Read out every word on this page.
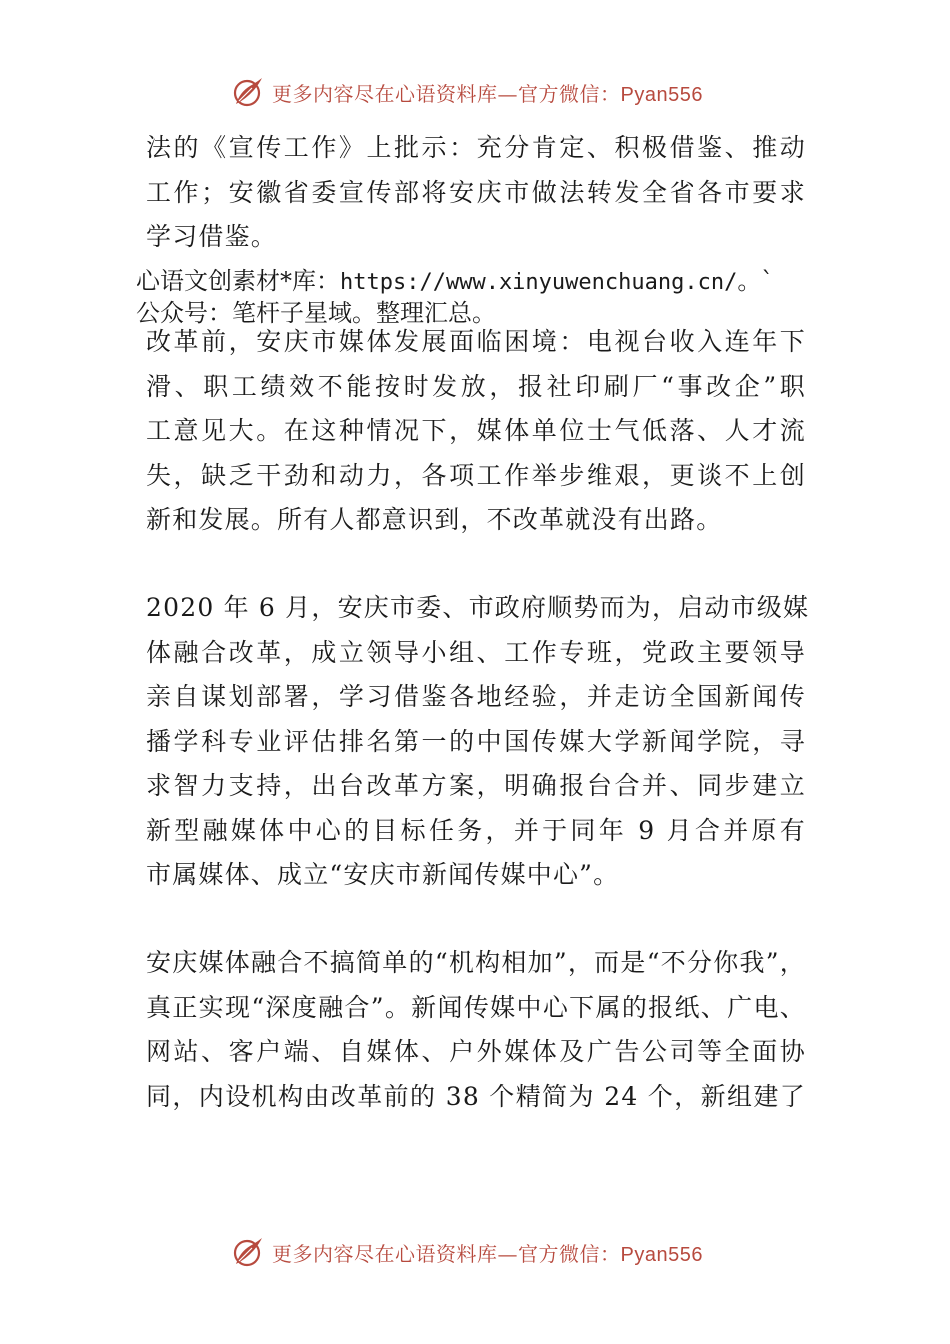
更多内容尽在心语资料库—官方微信：Pyan556
法的《宣传工作》上批示：充分肯定、积极借鉴、推动
工作；安徽省委宣传部将安庆市做法转发全省各市要求
学习借鉴。
心语文创素材*库：https://www.xinyuwenchuang.cn/。`
公众号：笔杆子星域。整理汇总。
改革前，安庆市媒体发展面临困境：电视台收入连年下
滑、职工绩效不能按时发放，报社印刷厂“事改企”职
工意见大。在这种情况下，媒体单位士气低落、人才流
失，缺乏干劲和动力，各项工作举步维艰，更谈不上创
新和发展。所有人都意识到，不改革就没有出路。
2020 年 6 月，安庆市委、市政府顺势而为，启动市级媒
体融合改革，成立领导小组、工作专班，党政主要领导
亲自谋划部署，学习借鉴各地经验，并走访全国新闻传
播学科专业评估排名第一的中国传媒大学新闻学院，寻
求智力支持，出台改革方案，明确报台合并、同步建立
新型融媒体中心的目标任务，并于同年 9 月合并原有
市属媒体、成立“安庆市新闻传媒中心”。
安庆媒体融合不搞简单的“机构相加”，而是“不分你我”，
真正实现“深度融合”。新闻传媒中心下属的报纸、广电、
网站、客户端、自媒体、户外媒体及广告公司等全面协
同，内设机构由改革前的 38 个精简为 24 个，新组建了
更多内容尽在心语资料库—官方微信：Pyan556
